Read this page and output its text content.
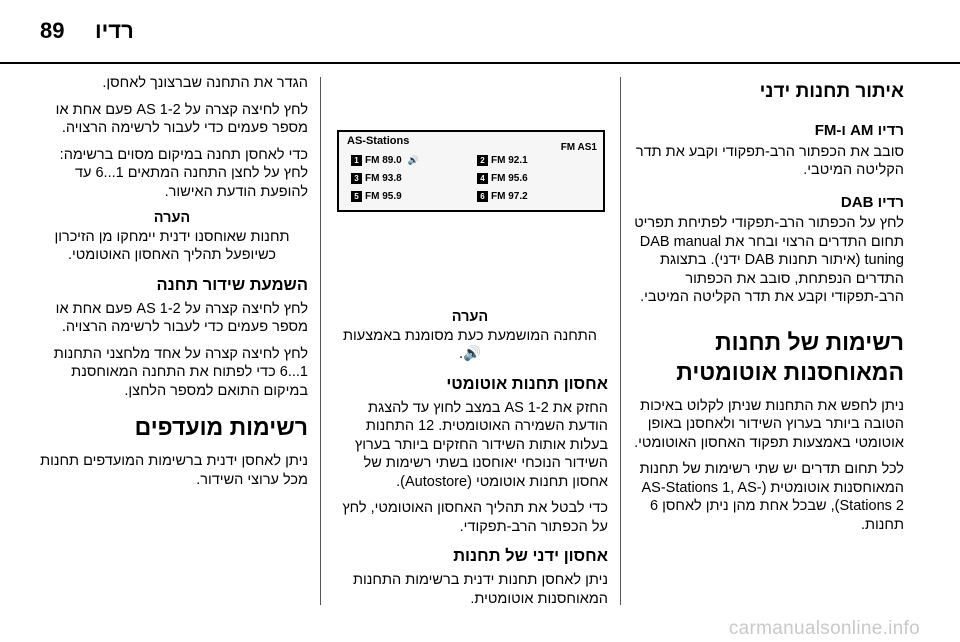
89 רדיו
איתור תחנות ידני
רדיו AM ו-FM

סובב את הכפתור הרב-תפקודי וקבע את תדר הקליטה המיטבי.

רדיו DAB

לחץ על הכפתור הרב-תפקודי לפתיחת תפריט תחום התדרים הרצוי ובחר את DAB manual tuning (איתור תחנות DAB ידני). בתצוגת התדרים הנפתחת, סובב את הכפתור הרב-תפקודי וקבע את תדר הקליטה המיטבי.

רשימות של תחנות המאוחסנות אוטומטית

ניתן לחפש את התחנות שניתן לקלוט באיכות הטובה ביותר בערוץ השידור ולאחסנן באופן אוטומטי באמצעות תפקוד האחסון האוטומטי.

לכל תחום תדרים יש שתי רשימות של תחנות המאוחסנות אוטומטית (AS-Stations 1, AS-Stations 2), שבכל אחת מהן ניתן לאחסן 6 תחנות.

AS-Stations
FM AS1
1 FM 89.0 🔊	2 FM 92.1
3 FM 93.8	4 FM 95.6
5 FM 95.9	6 FM 97.2
הערה
התחנה המושמעת כעת מסומנת באמצעות 🔊.
אחסון תחנות אוטומטי

החזק את AS 1-2 במצב לחוץ עד להצגת הודעת השמירה האוטומטית. 12 התחנות בעלות אותות השידור החזקים ביותר בערוץ השידור הנוכחי יאוחסנו בשתי רשימות של אחסון תחנות אוטומטי (Autostore).

כדי לבטל את תהליך האחסון האוטומטי, לחץ על הכפתור הרב-תפקודי.

אחסון ידני של תחנות

ניתן לאחסן תחנות ידנית ברשימות התחנות המאוחסנות אוטומטית.

הגדר את התחנה שברצונך לאחסן.

לחץ לחיצה קצרה על AS 1-2 פעם אחת או מספר פעמים כדי לעבור לרשימה הרצויה.

כדי לאחסן תחנה במיקום מסוים ברשימה: לחץ על לחצן התחנה המתאים 1...6 עד להופעת הודעת האישור.

הערה
תחנות שאוחסנו ידנית יימחקו מן הזיכרון כשיופעל תהליך האחסון האוטומטי.
השמעת שידור תחנה

לחץ לחיצה קצרה על AS 1-2 פעם אחת או מספר פעמים כדי לעבור לרשימה הרצויה.

לחץ לחיצה קצרה על אחד מלחצני התחנות 1...6 כדי לפתוח את התחנה המאוחסנת במיקום התואם למספר הלחצן.

רשימות מועדפים

ניתן לאחסן ידנית ברשימות המועדפים תחנות מכל ערוצי השידור.

carmanualsonline.info
